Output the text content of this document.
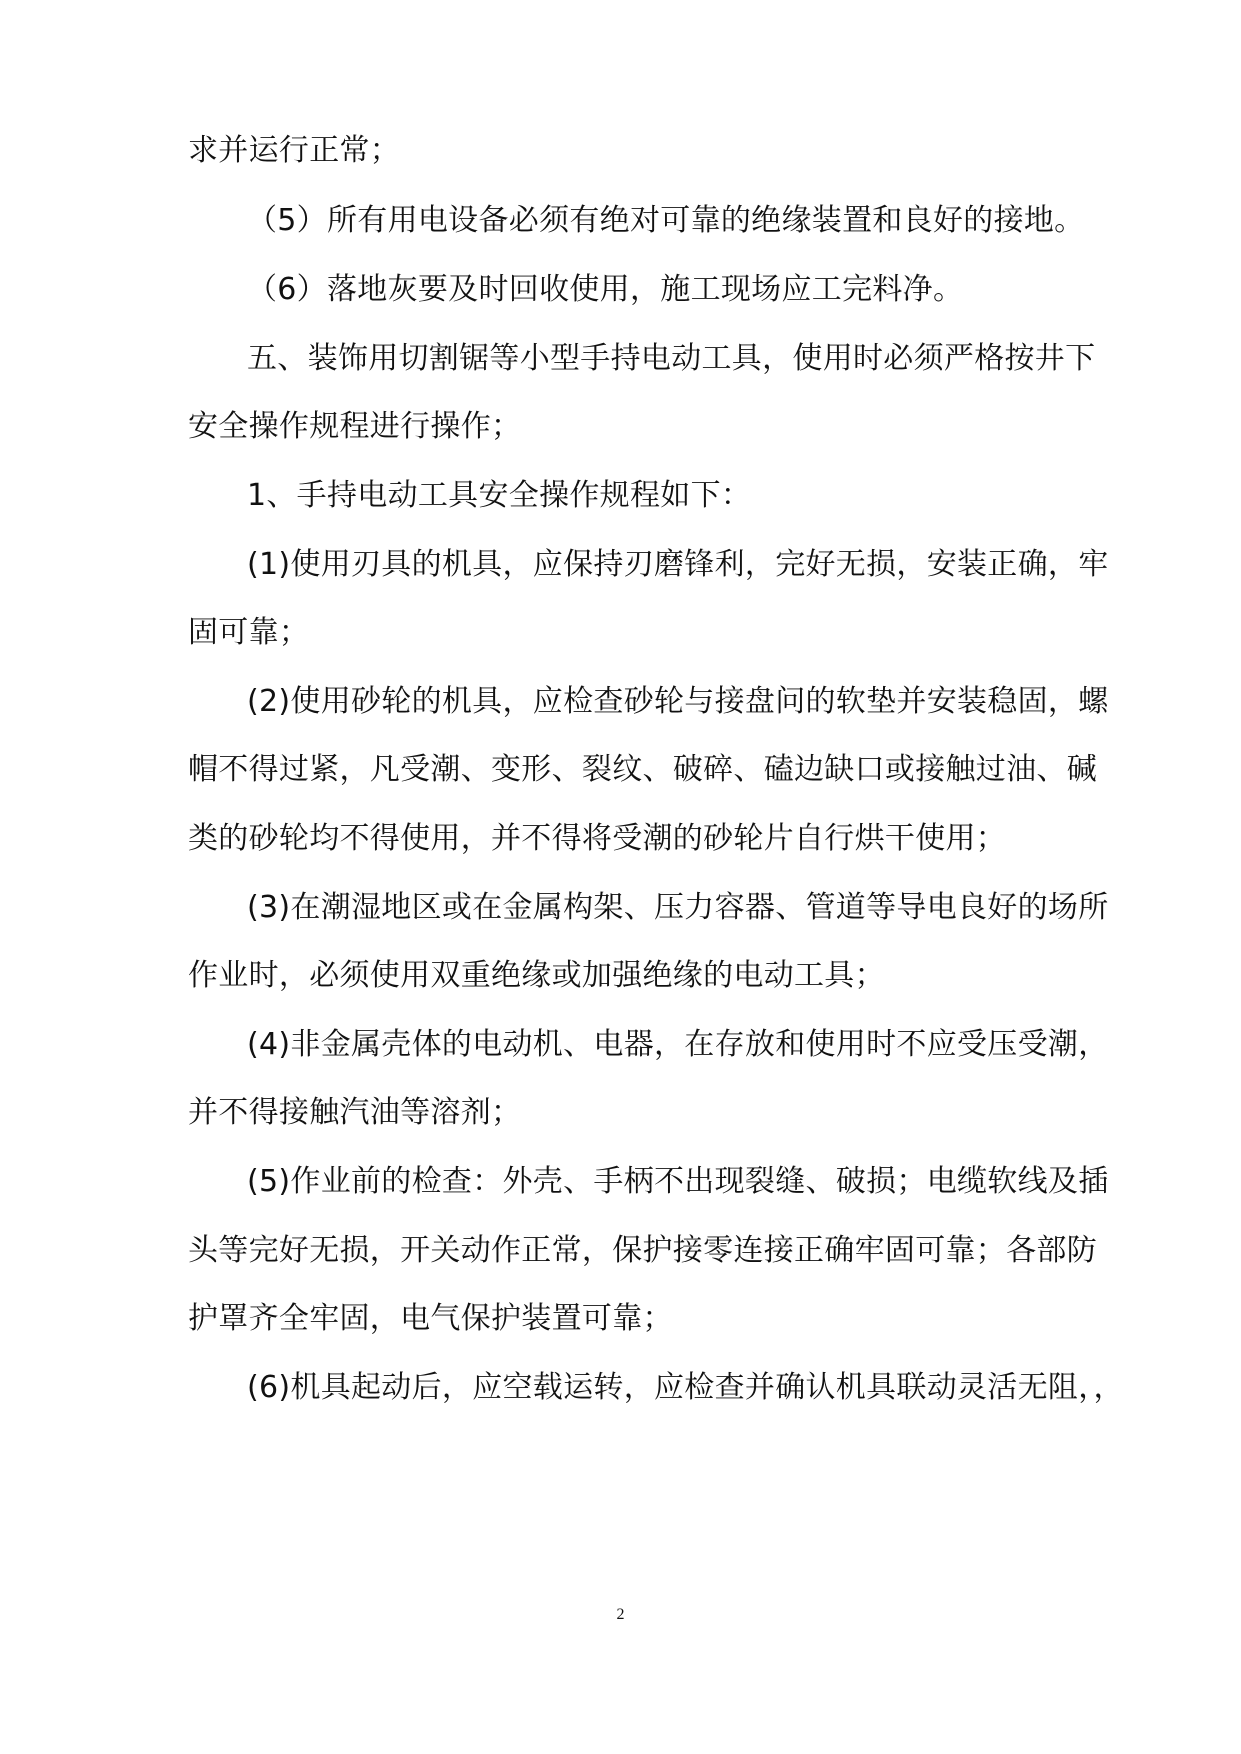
求并运行正常；
（5）所有用电设备必须有绝对可靠的绝缘装置和良好的接地。
（6）落地灰要及时回收使用，施工现场应工完料净。
五、装饰用切割锯等小型手持电动工具，使用时必须严格按井下
安全操作规程进行操作；
1、手持电动工具安全操作规程如下：
(1)使用刃具的机具，应保持刃磨锋利，完好无损，安装正确，牢
固可靠；
(2)使用砂轮的机具，应检查砂轮与接盘问的软垫并安装稳固，螺
帽不得过紧，凡受潮、变形、裂纹、破碎、磕边缺口或接触过油、碱
类的砂轮均不得使用，并不得将受潮的砂轮片自行烘干使用；
(3)在潮湿地区或在金属构架、压力容器、管道等导电良好的场所
作业时，必须使用双重绝缘或加强绝缘的电动工具；
(4)非金属壳体的电动机、电器，在存放和使用时不应受压受潮，
并不得接触汽油等溶剂；
(5)作业前的检查：外壳、手柄不出现裂缝、破损；电缆软线及插
头等完好无损，开关动作正常，保护接零连接正确牢固可靠；各部防
护罩齐全牢固，电气保护装置可靠；
(6)机具起动后，应空载运转，应检查并确认机具联动灵活无阻，，
2
